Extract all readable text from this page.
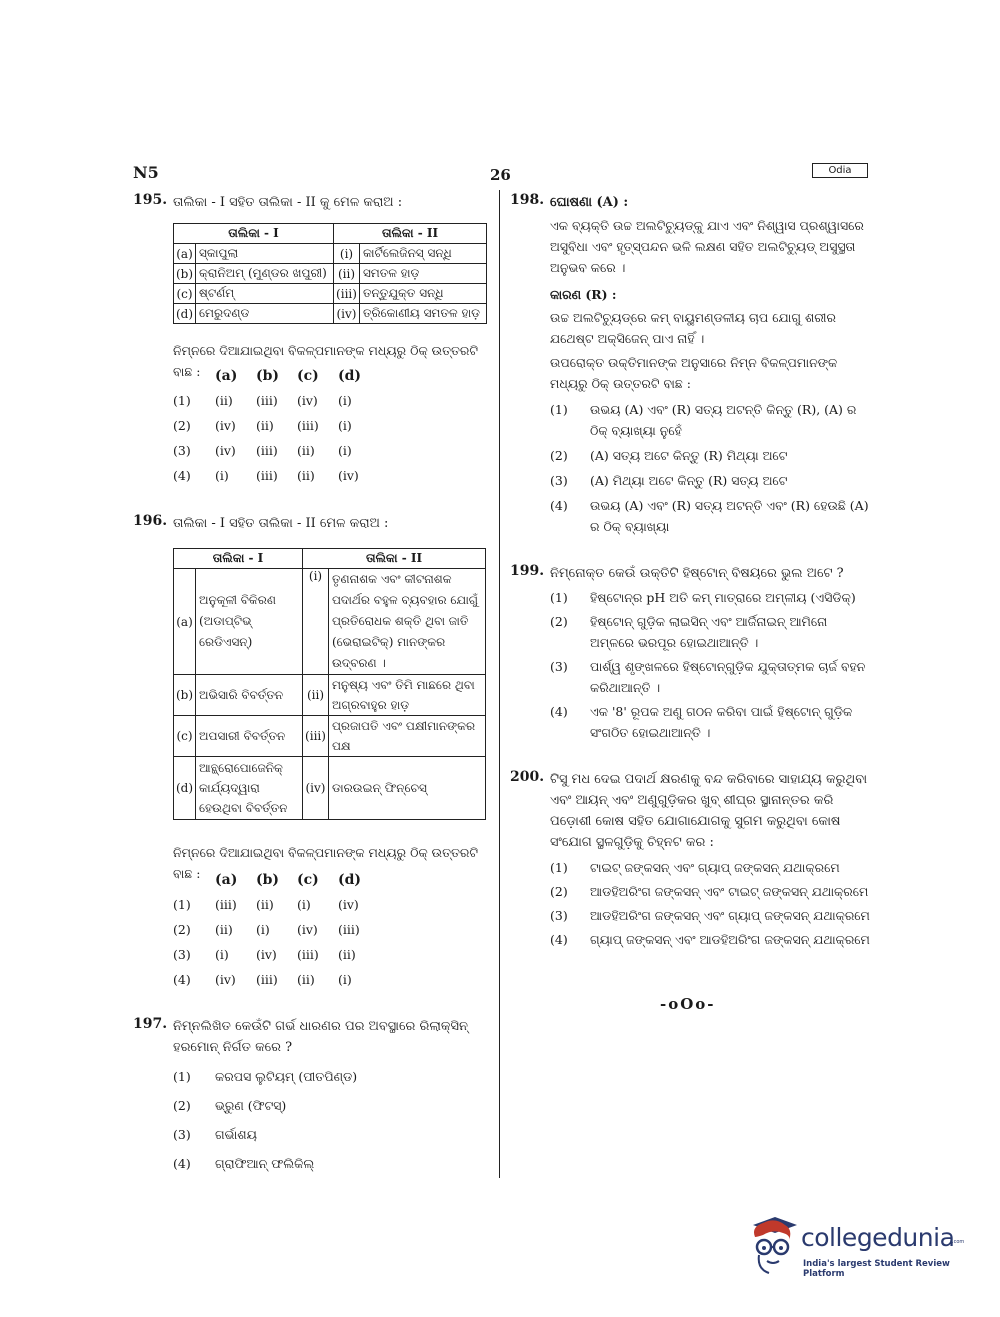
N5	26	Odia
195. ତାଲିକା - I ସହିତ ତାଲିକା - II କୁ ମେଳ କରାଅ :
ତାଲିକା - I		ତାଲିକା - II	
(a)	ସ୍କାପୁଲା	(i)	କାର୍ଟିଲେଜିନସ୍ ସନ୍ଧି
(b)	କ୍ରାନିଅମ୍ (ମୁଣ୍ଡର ଖପୁରୀ)	(ii)	ସମତଳ ହାଡ଼
(c)	ଷ୍ଟର୍ଣମ୍	(iii)	ତନ୍ତୁଯୁକ୍ତ ସନ୍ଧି
(d)	ମେରୁଦଣ୍ଡ	(iv)	ତ୍ରିକୋଣୀୟ ସମତଳ ହାଡ଼
ନିମ୍ନରେ ଦିଆଯାଇଥିବା ବିକଳ୍ପମାନଙ୍କ ମଧ୍ୟରୁ ଠିକ୍ ଉତ୍ତରଟି ବାଛ :	(a) (b) (c) (d)
(1) (ii) (iii) (iv) (i)
(2) (iv) (ii) (iii) (i)
(3) (iv) (iii) (ii) (i)
(4) (i) (iii) (ii) (iv)
196. ତାଲିକା - I ସହିତ ତାଲିକା - II ମେଳ କରାଅ :
ତାଲିକା - I		ତାଲିକା - II	
(a)	ଅନୁକୂଳୀ ବିକିରଣ (ଅଡାପ୍ଟିଭ୍ ରେଡିଏସନ୍)	(i)	ତୃଣନାଶକ ଏବଂ କୀଟନାଶକ ପଦାର୍ଥର ବହୁଳ ବ୍ୟବହାର ଯୋଗୁଁ ପ୍ରତିରୋଧକ ଶକ୍ତି ଥିବା ଜାତି (ଭେରାଇଟିକ୍) ମାନଙ୍କର ଉଦ୍‌ବରଣ ।
(b)	ଅଭିସାରି ବିବର୍ତ୍ତନ	(ii)	ମନୁଷ୍ୟ ଏବଂ ତିମି ମାଛରେ ଥିବା ଅଗ୍ରବାହୁର ହାଡ଼
(c)	ଅପସାରୀ ବିବର୍ତ୍ତନ	(iii)	ପ୍ରଜାପତି ଏବଂ ପକ୍ଷୀମାନଙ୍କର ପକ୍ଷ
(d)	ଆନ୍ଥ୍ରୋପୋଜେନିକ୍ କାର୍ଯ୍ୟଦ୍ୱାରା ହେଉଥିବା ବିବର୍ତ୍ତନ	(iv)	ଡାରଉଇନ୍ ଫିନ୍‌ଚେସ୍
ନିମ୍ନରେ ଦିଆଯାଇଥିବା ବିକଳ୍ପମାନଙ୍କ ମଧ୍ୟରୁ ଠିକ୍ ଉତ୍ତରଟି ବାଛ :	(a) (b) (c) (d)
(1) (iii) (ii) (i) (iv)
(2) (ii) (i) (iv) (iii)
(3) (i) (iv) (iii) (ii)
(4) (iv) (iii) (ii) (i)
197. ନିମ୍ନଲିଖିତ କେଉଁଟି ଗର୍ଭ ଧାରଣର ପର ଅବସ୍ଥାରେ ରିଲାକ୍ସିନ୍ ହରମୋନ୍ ନିର୍ଗତ କରେ ?
(1) କରପସ ଲୁଟିୟମ୍ (ପୀତପିଣ୍ଡ)
(2) ଭ୍ରୁଣ (ଫିଟସ୍)
(3) ଗର୍ଭାଶୟ
(4) ଗ୍ରାଫିଆନ୍ ଫଲିକିଲ୍
198. ଘୋଷଣା (A) :
ଏକ ବ୍ୟକ୍ତି ଉଚ୍ଚ ଅଲଟିଚ୍ୟୁଡ୍‌କୁ ଯାଏ ଏବଂ ନିଶ୍ୱାସ ପ୍ରଶ୍ୱାସରେ ଅସୁବିଧା ଏବଂ ହୃତ୍‌ସ୍ପନ୍ଦନ ଭଳି ଲକ୍ଷଣ ସହିତ ଅଲଟିଚ୍ୟୁଡ୍ ଅସୁସ୍ଥତା ଅନୁଭବ କରେ ।
କାରଣ (R) :
ଉଚ୍ଚ ଅଲଟିଚ୍ୟୁଡ୍‌ରେ କମ୍ ବାୟୁମଣ୍ଡଳୀୟ ଚାପ ଯୋଗୁ ଶରୀର ଯଥେଷ୍ଟ ଅକ୍ସିଜେନ୍ ପାଏ ନାହିଁ ।
ଉପରୋକ୍ତ ଉକ୍ତିମାନଙ୍କ ଅନୁସାରେ ନିମ୍ନ ବିକଳ୍ପମାନଙ୍କ ମଧ୍ୟରୁ ଠିକ୍ ଉତ୍ତରଟି ବାଛ :
(1) ଉଭୟ (A) ଏବଂ (R) ସତ୍ୟ ଅଟନ୍ତି କିନ୍ତୁ (R), (A) ର ଠିକ୍ ବ୍ୟାଖ୍ୟା ନୁହେଁ
(2) (A) ସତ୍ୟ ଅଟେ କିନ୍ତୁ (R) ମିଥ୍ୟା ଅଟେ
(3) (A) ମିଥ୍ୟା ଅଟେ କିନ୍ତୁ (R) ସତ୍ୟ ଅଟେ
(4) ଉଭୟ (A) ଏବଂ (R) ସତ୍ୟ ଅଟନ୍ତି ଏବଂ (R) ହେଉଛି (A) ର ଠିକ୍ ବ୍ୟାଖ୍ୟା
199. ନିମ୍ନୋକ୍ତ କେଉଁ ଉକ୍ତିଟି ହିଷ୍ଟୋନ୍ ବିଷୟରେ ଭୁଲ ଅଟେ ?
(1) ହିଷ୍ଟୋନ୍‌ର pH ଅତି କମ୍ ମାତ୍ରାରେ ଅମ୍ଳୀୟ (ଏସିଡିକ୍)
(2) ହିଷ୍ଟୋନ୍ ଗୁଡ଼ିକ ଲାଇସିନ୍ ଏବଂ ଆର୍ଜିନାଇନ୍ ଆମିନୋ ଅମ୍ଳରେ ଭରପୂର ହୋଇଥାଆନ୍ତି ।
(3) ପାର୍ଶ୍ୱ ଶୃଙ୍ଖଳରେ ହିଷ୍ଟୋନ୍‌ଗୁଡ଼ିକ ଯୁକ୍ତାତ୍ମକ ଚାର୍ଜ ବହନ କରିଥାଆନ୍ତି ।
(4) ଏକ '8' ରୂପକ ଅଣୁ ଗଠନ କରିବା ପାଇଁ ହିଷ୍ଟୋନ୍ ଗୁଡ଼ିକ ସଂଗଠିତ ହୋଇଥାଆନ୍ତି ।
200. ଟିସୁ ମଧ ଦେଇ ପଦାର୍ଥ କ୍ଷରଣକୁ ବନ୍ଦ କରିବାରେ ସାହାଯ୍ୟ କରୁଥିବା ଏବଂ ଆୟନ୍ ଏବଂ ଅଣୁଗୁଡ଼ିକର ଖୁବ୍ ଶୀଘ୍ର ସ୍ଥାନାନ୍ତର କରି ପଡ଼ୋଶୀ କୋଷ ସହିତ ଯୋଗାଯୋଗକୁ ସୁଗମ କରୁଥିବା କୋଷ ସଂଯୋଗ ସ୍ଥଳଗୁଡ଼ିକୁ ଚିହ୍ନଟ କର :
(1) ଟାଇଟ୍ ଜଙ୍କସନ୍ ଏବଂ ଗ୍ୟାପ୍ ଜଙ୍କସନ୍ ଯଥାକ୍ରମେ
(2) ଆଡହିଅରିଂଗ ଜଙ୍କସନ୍ ଏବଂ ଟାଇଟ୍ ଜଙ୍କସନ୍ ଯଥାକ୍ରମେ
(3) ଆଡହିଅରିଂଗ ଜଙ୍କସନ୍ ଏବଂ ଗ୍ୟାପ୍ ଜଙ୍କସନ୍ ଯଥାକ୍ରମେ
(4) ଗ୍ୟାପ୍ ଜଙ୍କସନ୍ ଏବଂ ଆଡହିଅରିଂଗ ଜଙ୍କସନ୍ ଯଥାକ୍ରମେ
-oOo-
collegedunia
.com
India's largest Student Review Platform
